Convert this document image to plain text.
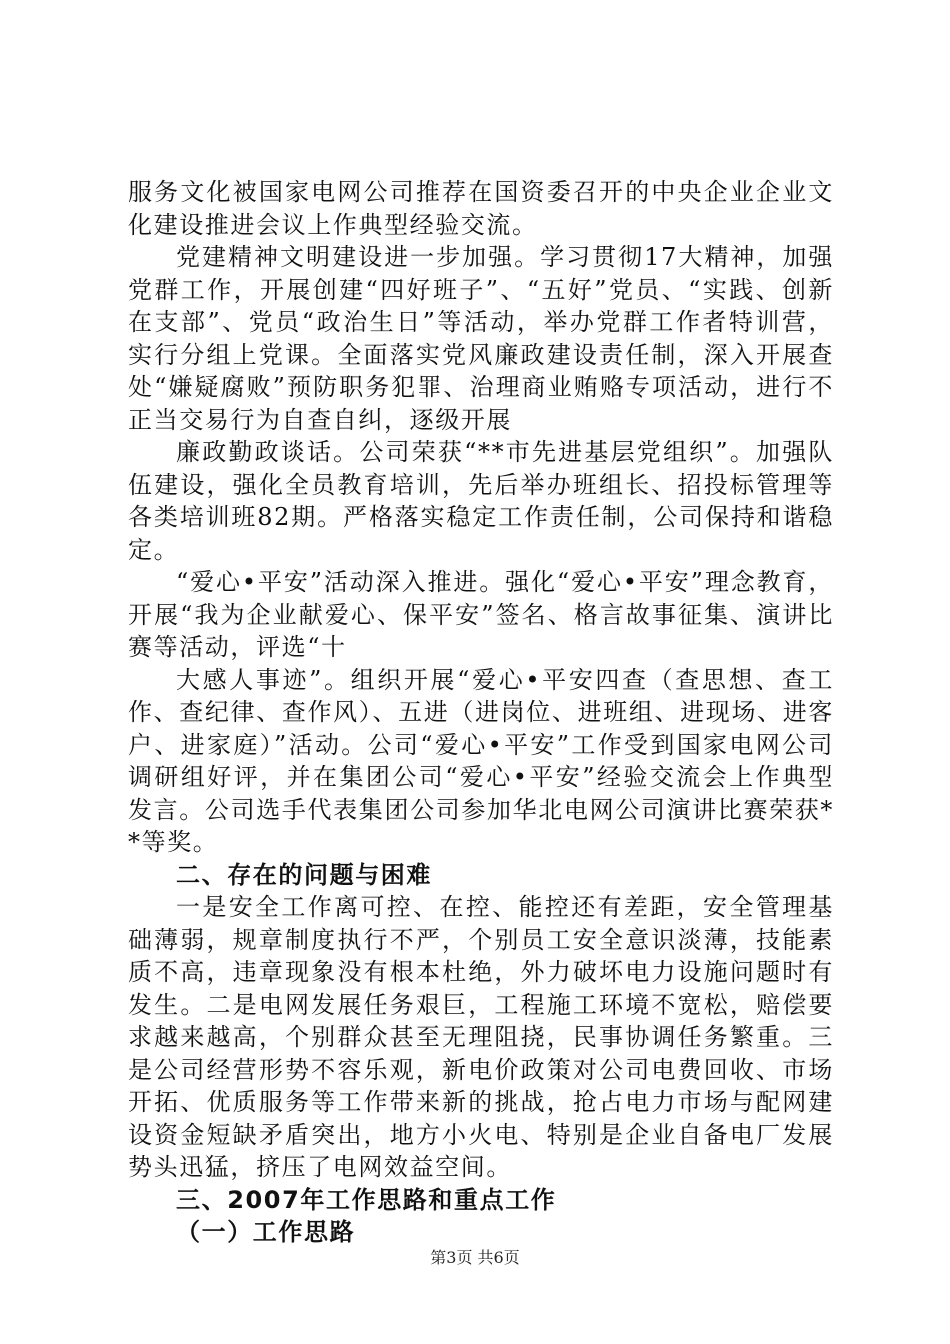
服务文化被国家电网公司推荐在国资委召开的中央企业企业文化建设推进会议上作典型经验交流。

党建精神文明建设进一步加强。学习贯彻17大精神，加强党群工作，开展创建“四好班子”、“五好”党员、“实践、创新在支部”、党员“政治生日”等活动，举办党群工作者特训营，实行分组上党课。全面落实党风廉政建设责任制，深入开展查处“嫌疑腐败”预防职务犯罪、治理商业贿赂专项活动，进行不正当交易行为自查自纠，逐级开展

廉政勤政谈话。公司荣获“**市先进基层党组织”。加强队伍建设，强化全员教育培训，先后举办班组长、招投标管理等各类培训班82期。严格落实稳定工作责任制，公司保持和谐稳定。

“爱心•平安”活动深入推进。强化“爱心•平安”理念教育，开展“我为企业献爱心、保平安”签名、格言故事征集、演讲比赛等活动，评选“十

大感人事迹”。组织开展“爱心•平安四查（查思想、查工作、查纪律、查作风）、五进（进岗位、进班组、进现场、进客户、进家庭）”活动。公司“爱心•平安”工作受到国家电网公司调研组好评，并在集团公司“爱心•平安”经验交流会上作典型发言。公司选手代表集团公司参加华北电网公司演讲比赛荣获**等奖。

二、存在的问题与困难

一是安全工作离可控、在控、能控还有差距，安全管理基础薄弱，规章制度执行不严，个别员工安全意识淡薄，技能素质不高，违章现象没有根本杜绝，外力破坏电力设施问题时有发生。二是电网发展任务艰巨，工程施工环境不宽松，赔偿要求越来越高，个别群众甚至无理阻挠，民事协调任务繁重。三是公司经营形势不容乐观，新电价政策对公司电费回收、市场开拓、优质服务等工作带来新的挑战，抢占电力市场与配网建设资金短缺矛盾突出，地方小火电、特别是企业自备电厂发展势头迅猛，挤压了电网效益空间。

三、2007年工作思路和重点工作

（一）工作思路

第3页 共6页
